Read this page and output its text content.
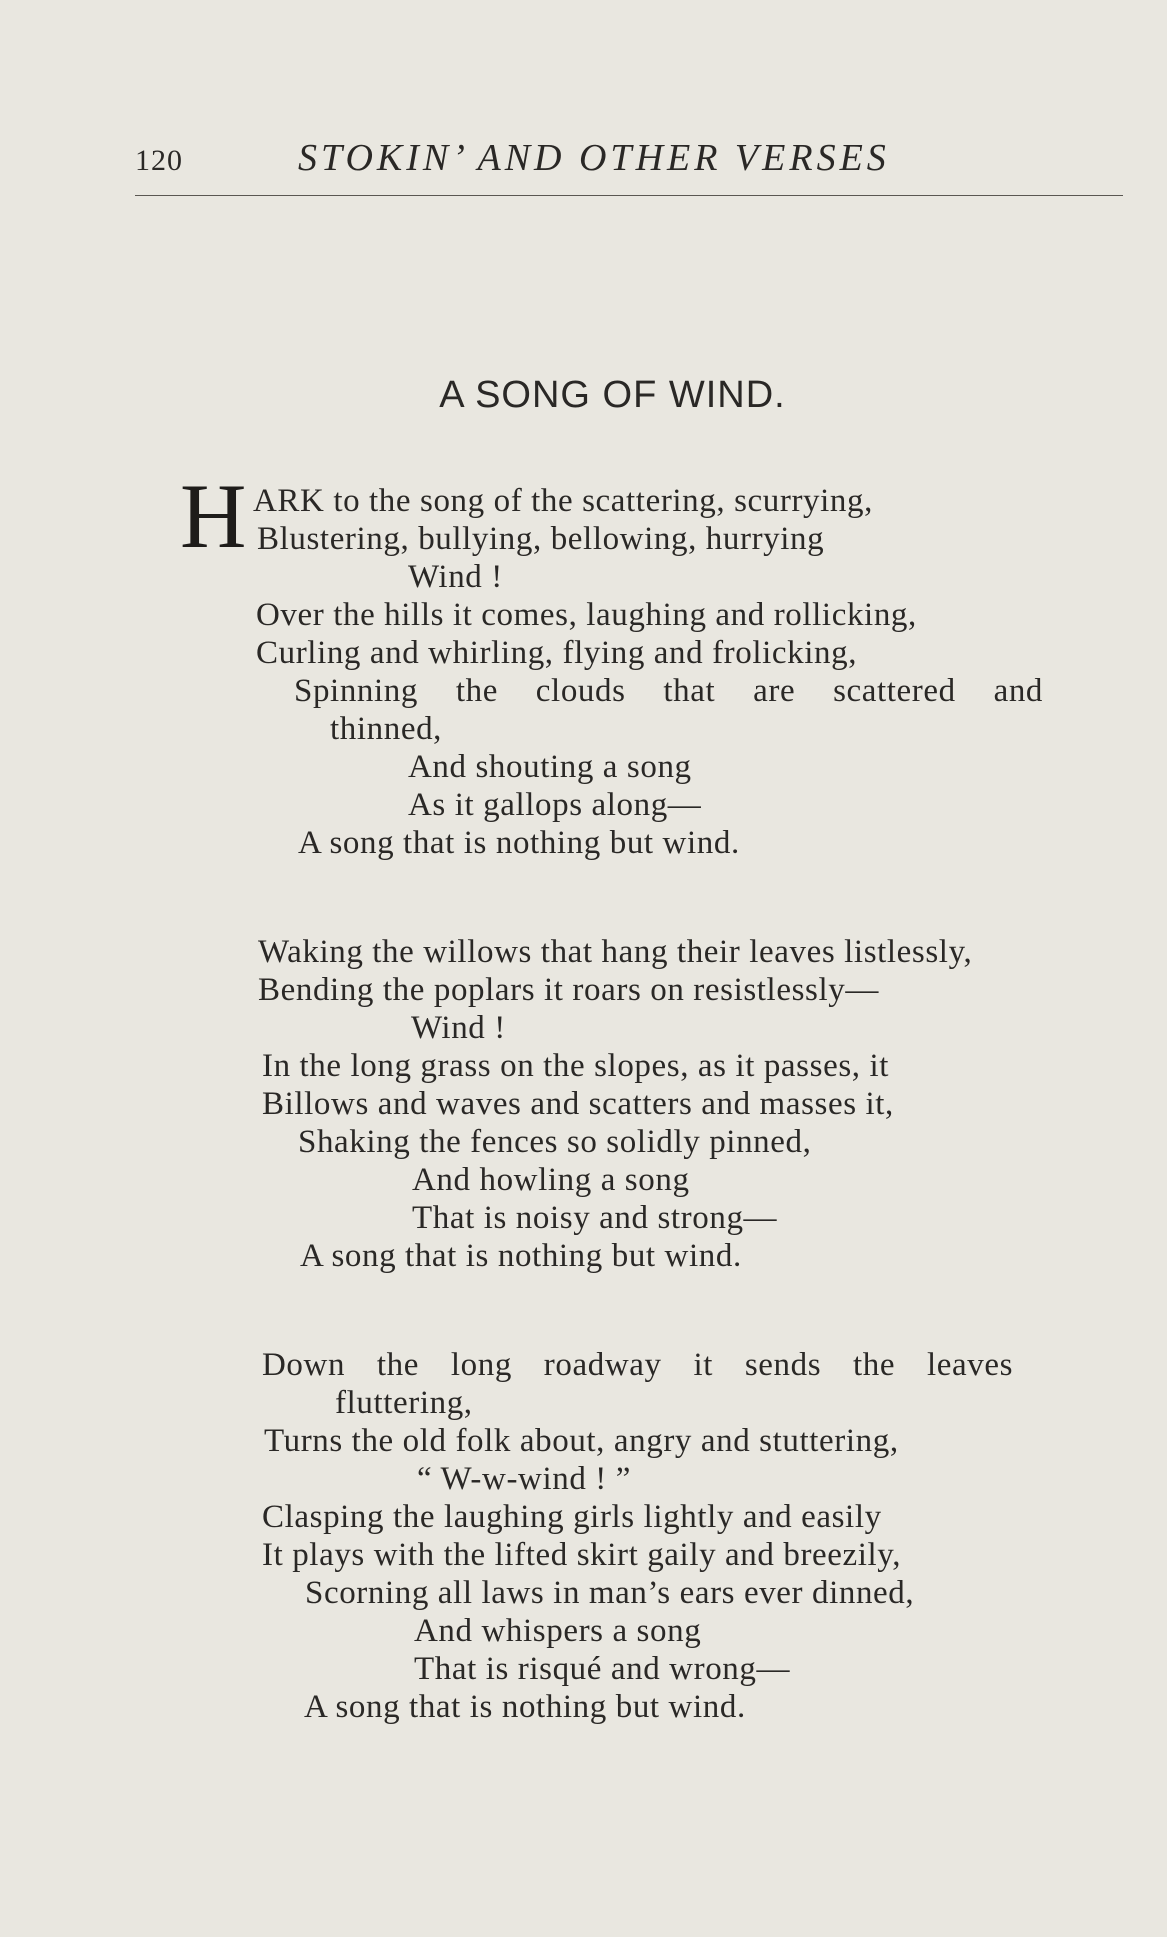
120	STOKIN’ AND OTHER VERSES
A SONG OF WIND.
H ARK to the song of the scattering, scurrying,
Blustering, bullying, bellowing, hurrying
Wind !
Over the hills it comes, laughing and rollicking,
Curling and whirling, flying and frolicking,
Spinning the clouds that are scattered and
thinned,
And shouting a song
As it gallops along—
A song that is nothing but wind.
Waking the willows that hang their leaves listlessly,
Bending the poplars it roars on resistlessly—
Wind !
In the long grass on the slopes, as it passes, it
Billows and waves and scatters and masses it,
Shaking the fences so solidly pinned,
And howling a song
That is noisy and strong—
A song that is nothing but wind.
Down the long roadway it sends the leaves
fluttering,
Turns the old folk about, angry and stuttering,
“ W-w-wind ! ”
Clasping the laughing girls lightly and easily
It plays with the lifted skirt gaily and breezily,
Scorning all laws in man’s ears ever dinned,
And whispers a song
That is risqué and wrong—
A song that is nothing but wind.
